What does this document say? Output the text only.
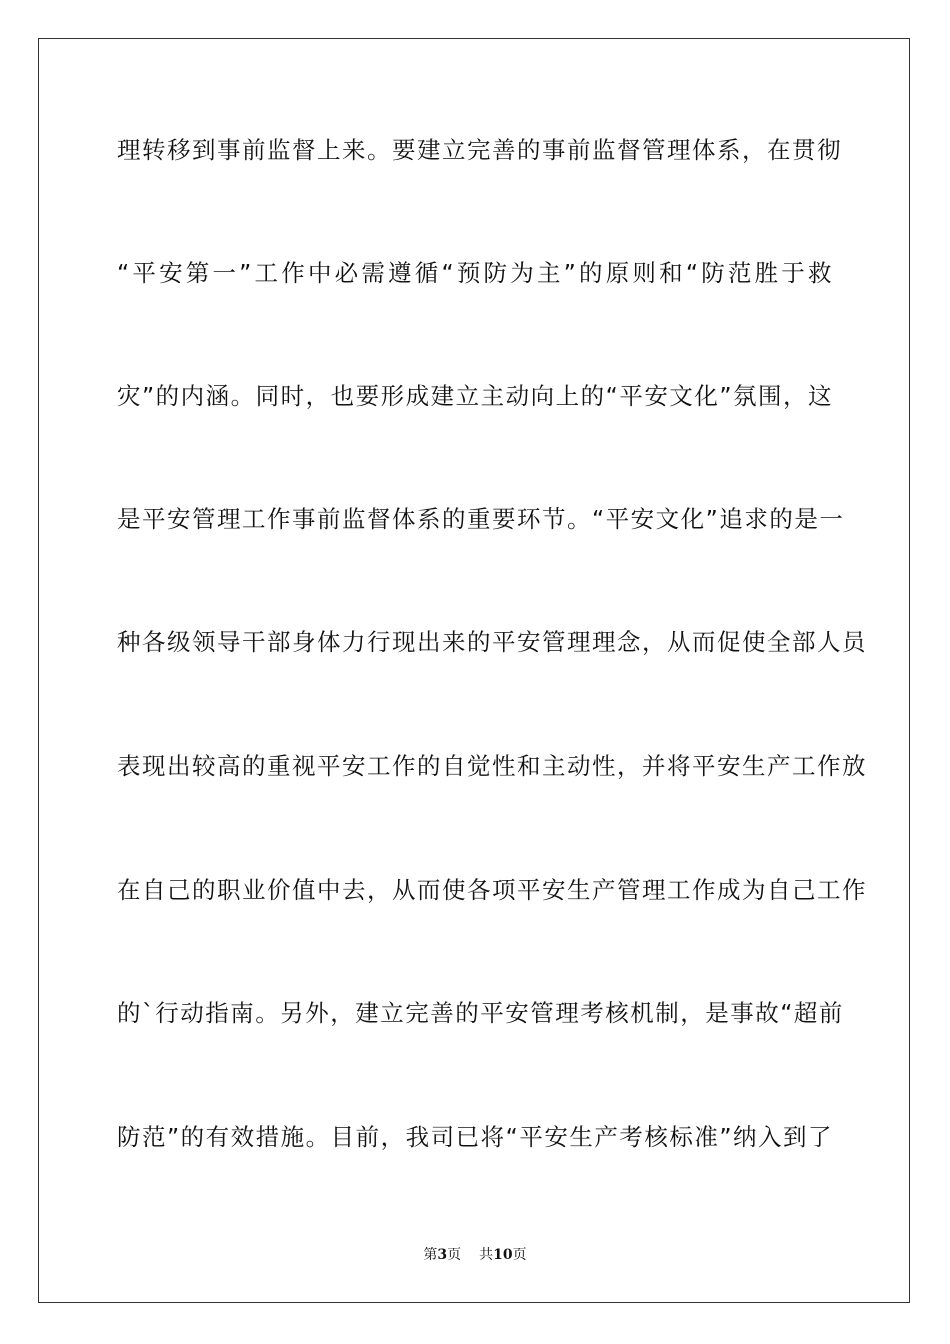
理转移到事前监督上来。要建立完善的事前监督管理体系，在贯彻
“平安第一”工作中必需遵循“预防为主”的原则和“防范胜于救
灾”的内涵。同时，也要形成建立主动向上的“平安文化”氛围，这
是平安管理工作事前监督体系的重要环节。“平安文化”追求的是一
种各级领导干部身体力行现出来的平安管理理念，从而促使全部人员
表现出较高的重视平安工作的自觉性和主动性，并将平安生产工作放
在自己的职业价值中去，从而使各项平安生产管理工作成为自己工作
的`行动指南。另外，建立完善的平安管理考核机制，是事故“超前
防范”的有效措施。目前，我司已将“平安生产考核标准”纳入到了
第3页 共10页
